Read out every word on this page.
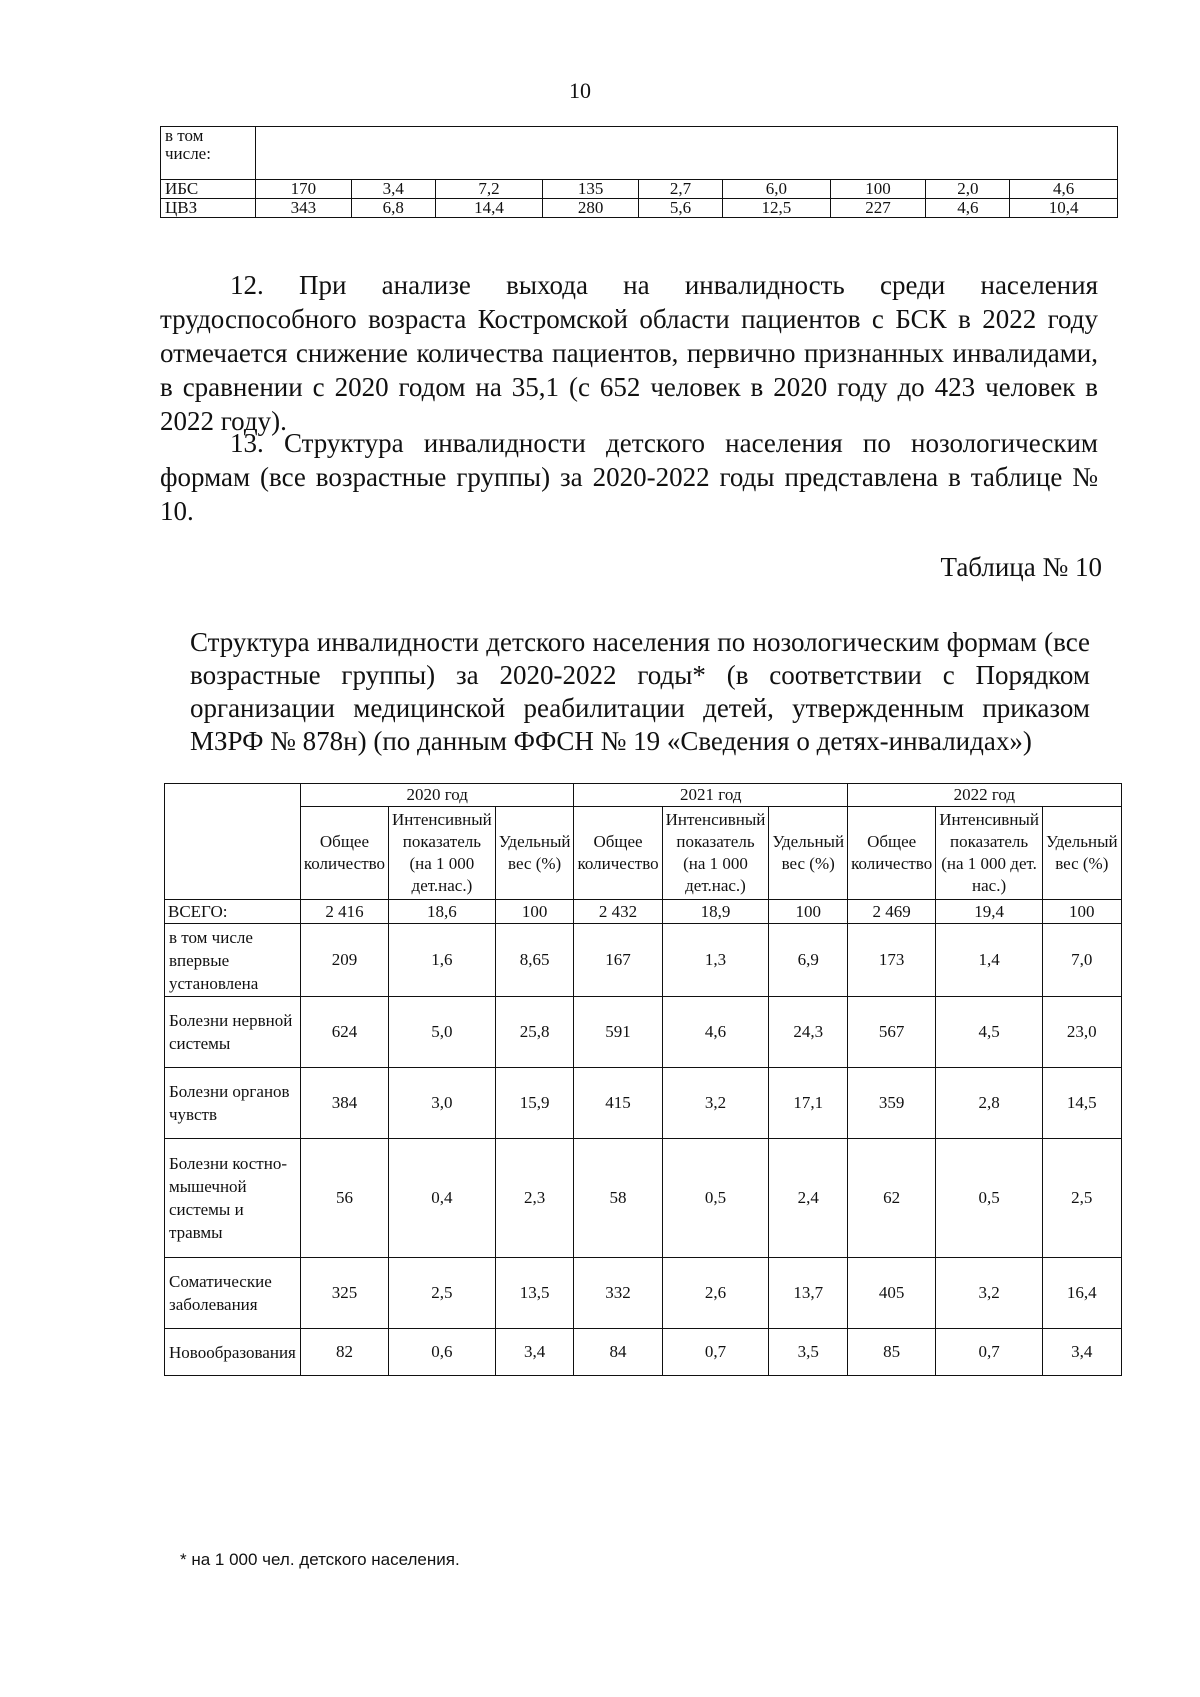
10
в том числе:									
ИБС	170	3,4	7,2	135	2,7	6,0	100	2,0	4,6
ЦВЗ	343	6,8	14,4	280	5,6	12,5	227	4,6	10,4

12. При анализе выхода на инвалидность среди населения трудоспособного возраста Костромской области пациентов с БСК в 2022 году отмечается снижение количества пациентов, первично признанных инвалидами, в сравнении с 2020 годом на 35,1 (с 652 человек в 2020 году до 423 человек в 2022 году).

13. Структура инвалидности детского населения по нозологическим формам (все возрастные группы) за 2020-2022 годы представлена в таблице № 10.

Таблица № 10

Структура инвалидности детского населения по нозологическим формам (все возрастные группы) за 2020-2022 годы* (в соответствии с Порядком организации медицинской реабилитации детей, утвержденным приказом МЗРФ № 878н) (по данным ФФСН № 19 «Сведения о детях-инвалидах»)

	2020 год			2021 год			2022 год		
	Общее количество	Интенсивный показатель (на 1 000 дет.нас.)	Удельный вес (%)	Общее количество	Интенсивный показатель (на 1 000 дет.нас.)	Удельный вес (%)	Общее количество	Интенсивный показатель (на 1 000 дет. нас.)	Удельный вес (%)
ВСЕГО:	2 416	18,6	100	2 432	18,9	100	2 469	19,4	100
в том числе впервые установлена	209	1,6	8,65	167	1,3	6,9	173	1,4	7,0
Болезни нервной системы	624	5,0	25,8	591	4,6	24,3	567	4,5	23,0
Болезни органов чувств	384	3,0	15,9	415	3,2	17,1	359	2,8	14,5
Болезни костно-мышечной системы и травмы	56	0,4	2,3	58	0,5	2,4	62	0,5	2,5
Соматические заболевания	325	2,5	13,5	332	2,6	13,7	405	3,2	16,4
Новообразования	82	0,6	3,4	84	0,7	3,5	85	0,7	3,4
* на 1 000 чел. детского населения.
